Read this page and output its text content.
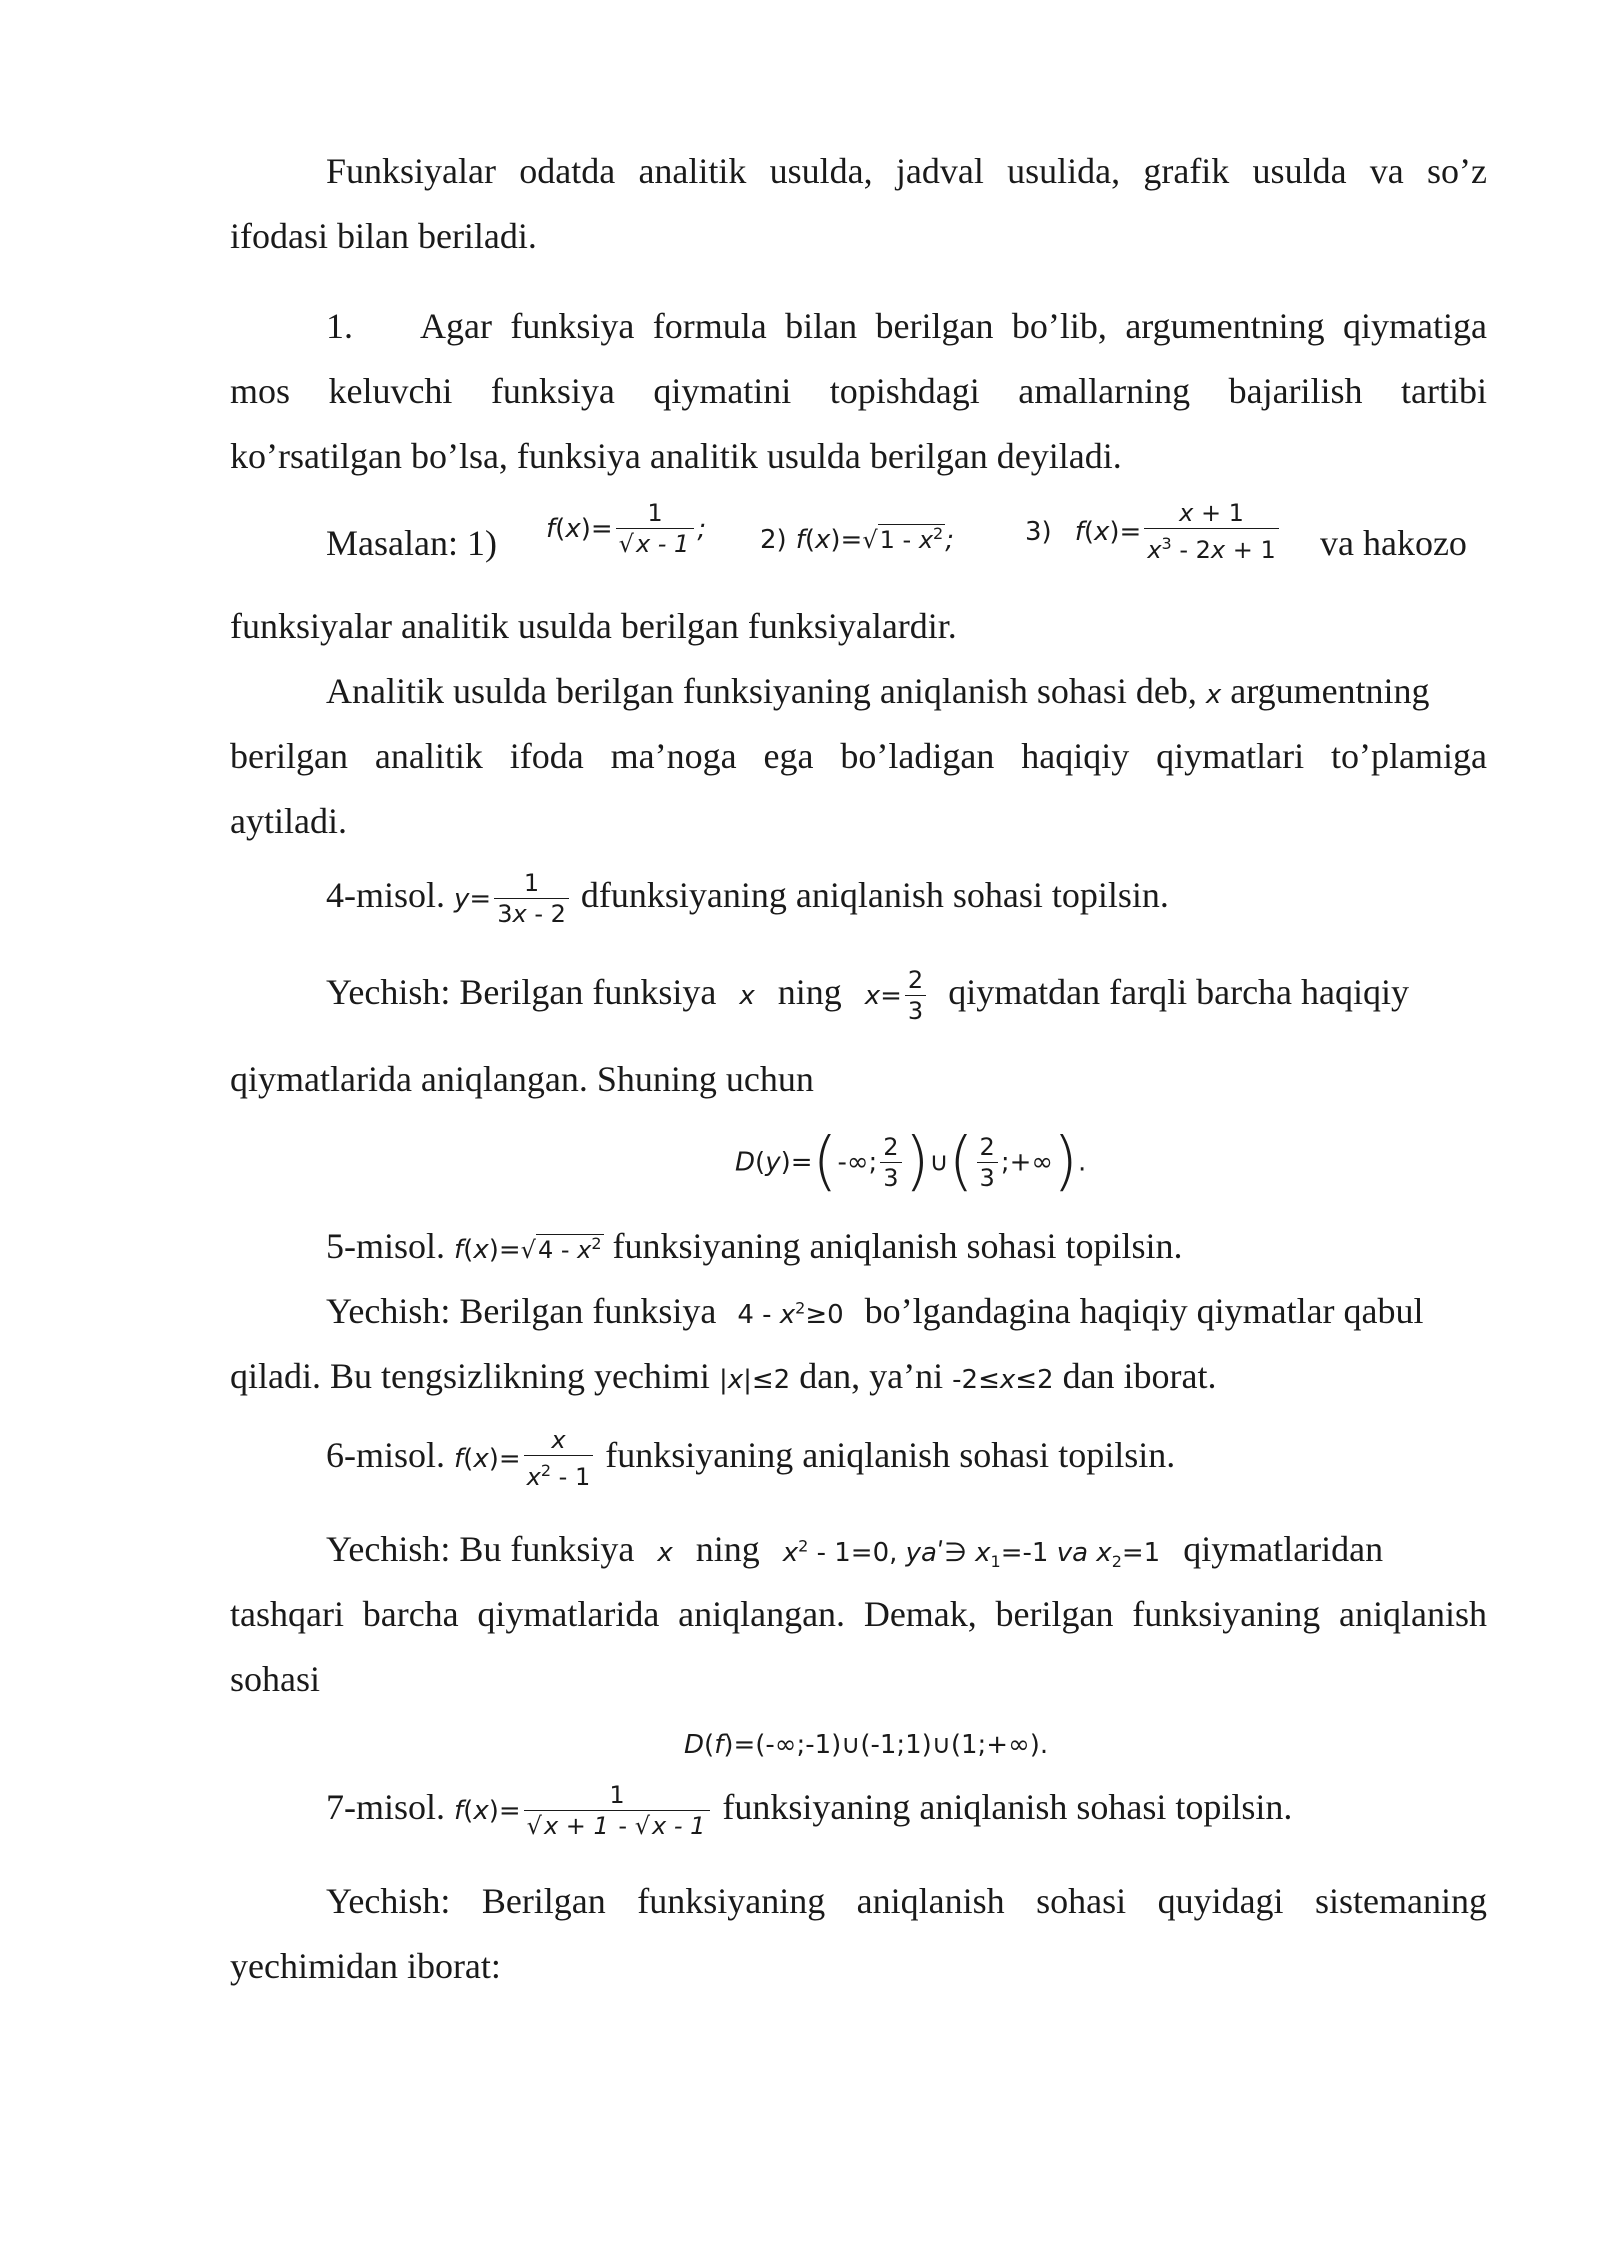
Funksiyalar odatda analitik usulda, jadval usulida, grafik usulda va so’z
ifodasi bilan beriladi.
1. Agar funksiya formula bilan berilgan bo’lib, argumentning qiymatiga
mos keluvchi funksiya qiymatini topishdagi amallarning bajarilish tartibi
ko’rsatilgan bo’lsa, funksiya analitik usulda berilgan deyiladi.
Masalan: 1) $f(x)= \frac{1}{√x - 1}$ ; 2) $f(x)=√1 - x^2$;	3) $f(x)= \frac{x + 1}{x^3 - 2x + 1}$ va hakozo
funksiyalar analitik usulda berilgan funksiyalardir.
Analitik usulda berilgan funksiyaning aniqlanish sohasi deb, x argumentning
berilgan analitik ifoda ma’noga ega bo’ladigan haqiqiy qiymatlari to’plamiga
aytiladi.
4-misol. $y= \frac{1}{3x - 2}$ dfunksiyaning aniqlanish sohasi topilsin.
Yechish: Berilgan funksiya x ning $x= \frac{2}{3}$ qiymatdan farqli barcha haqiqiy
qiymatlarida aniqlangan. Shuning uchun
D(y)=(-∞; $\frac{2}{3}$ )∪( $\frac{2}{3}$ ;+∞).
5-misol. $f(x)=√4 - x^2$ funksiyaning aniqlanish sohasi topilsin.
Yechish: Berilgan funksiya $4 - x^2\ge 0$ bo’lgandagina haqiqiy qiymatlar qabul
qiladi. Bu tengsizlikning yechimi |x|≤2 dan, ya’ni -2≤x≤2 dan iborat.
6-misol. $f(x)= \frac{x}{x^2 - 1}$ funksiyaning aniqlanish sohasi topilsin.
Yechish: Bu funksiya x ning $x^2 - 1=0$, yaʹ∋ $x_1=-1$ va $x_2=1$ qiymatlaridan
tashqari barcha qiymatlarida aniqlangan. Demak, berilgan funksiyaning aniqlanish
sohasi
D(f)=(-∞;-1)∪(-1;1)∪(1;+∞).
7-misol. $f(x)= \frac{1}{√x + 1 - √x - 1}$ funksiyaning aniqlanish sohasi topilsin.
Yechish: Berilgan funksiyaning aniqlanish sohasi quyidagi sistemaning
yechimidan iborat:
